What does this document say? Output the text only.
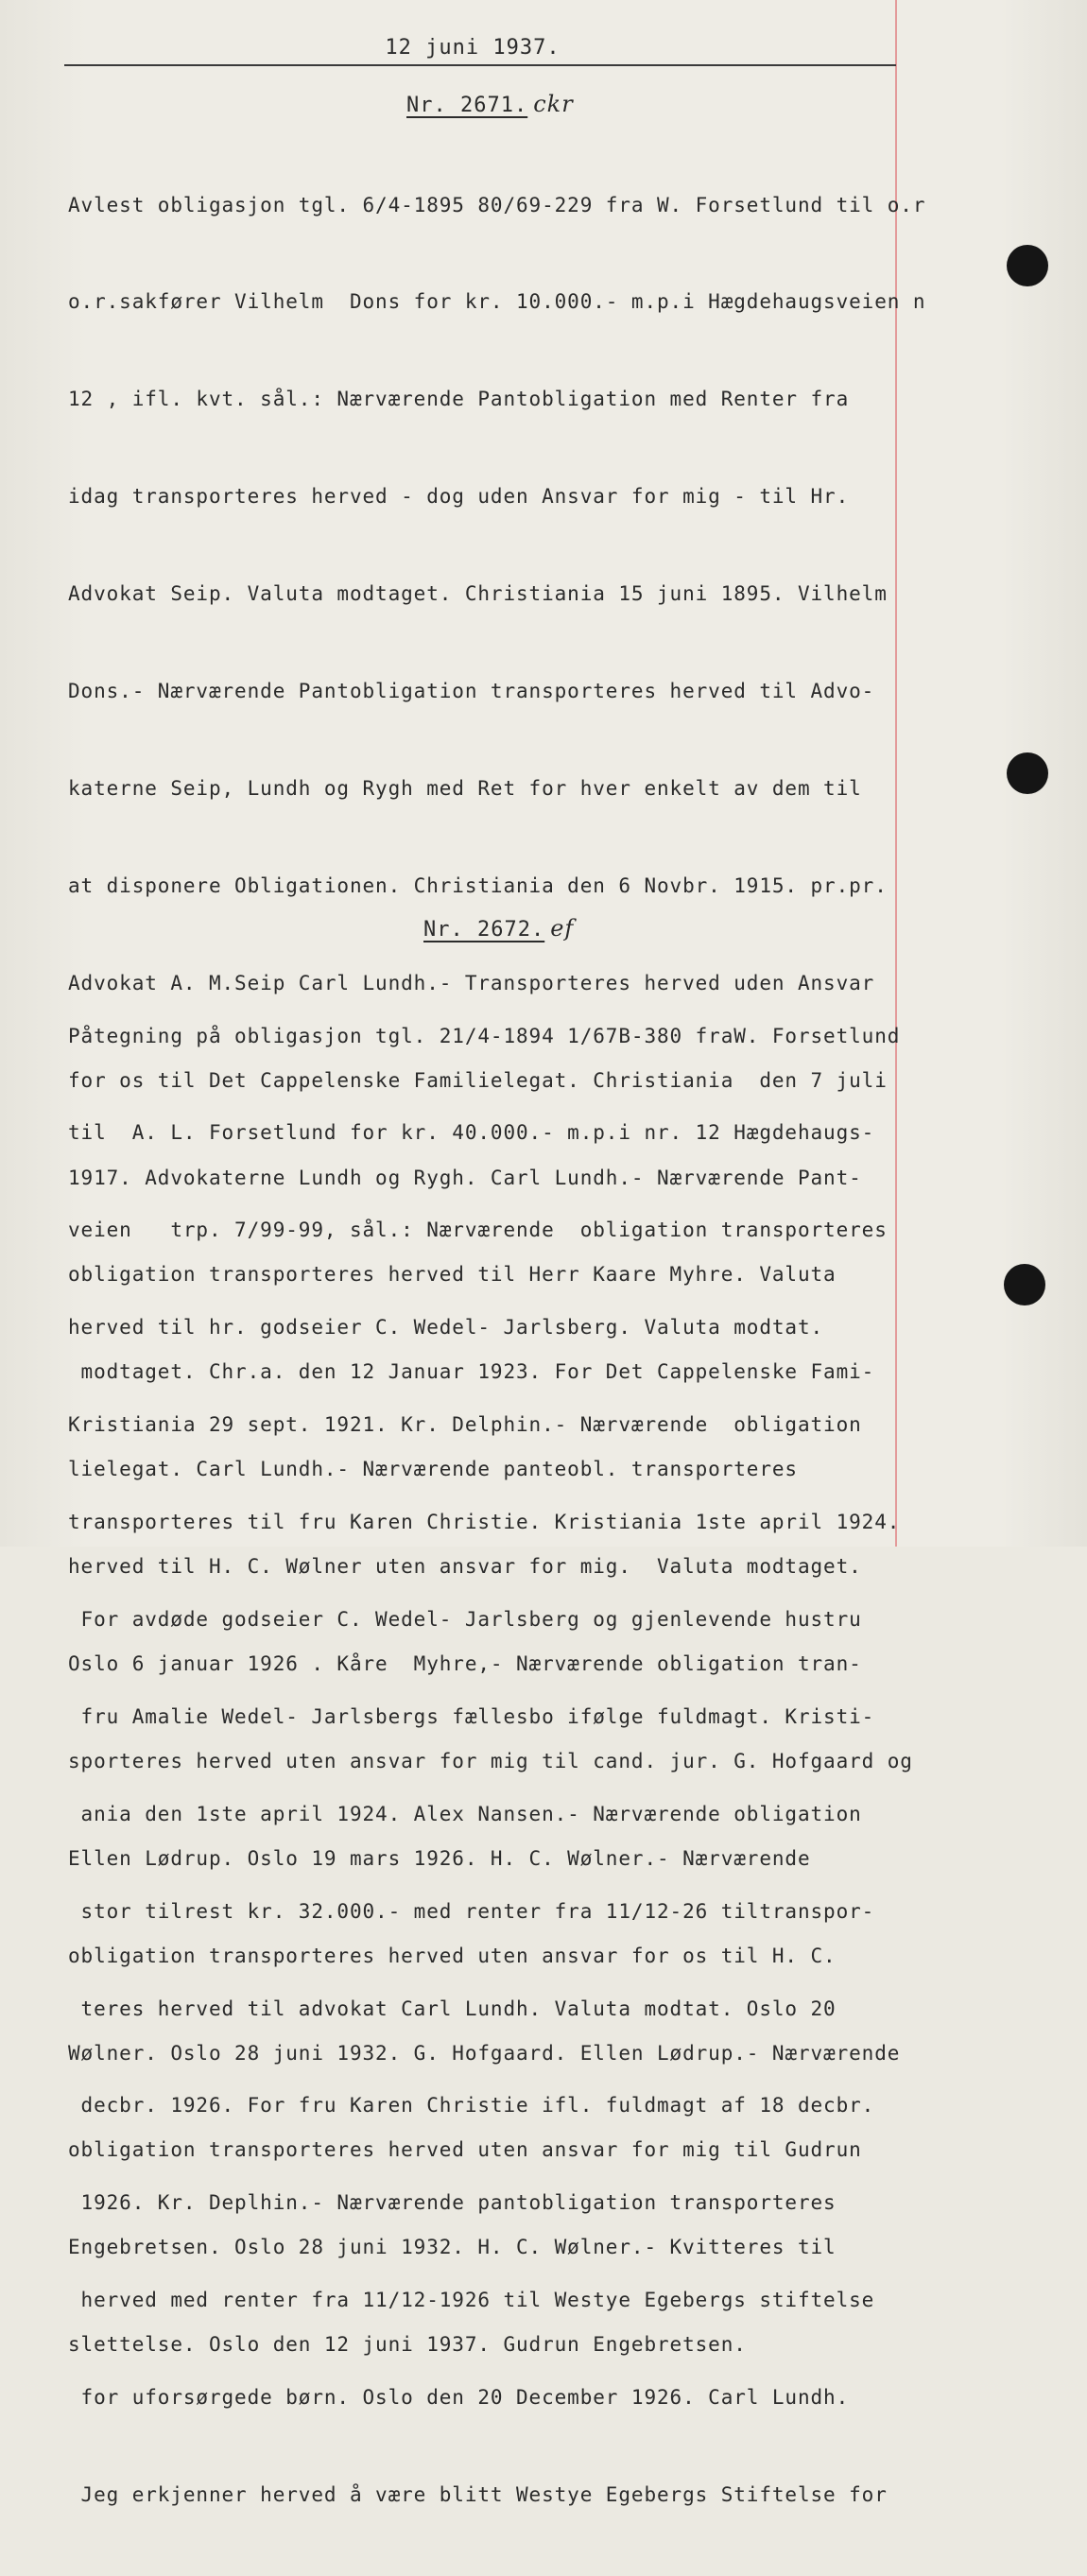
12 juni 1937.
Nr. 2671. ckr

Avlest obligasjon tgl. 6/4-1895 80/69-229 fra W. Forsetlund til o.r

o.r.sakfører Vilhelm  Dons for kr. 10.000.- m.p.i Hægdehaugsveien n

12 , ifl. kvt. sål.: Nærværende Pantobligation med Renter fra

idag transporteres herved - dog uden Ansvar for mig - til Hr.

Advokat Seip. Valuta modtaget. Christiania 15 juni 1895. Vilhelm

Dons.- Nærværende Pantobligation transporteres herved til Advo-

katerne Seip, Lundh og Rygh med Ret for hver enkelt av dem til

at disponere Obligationen. Christiania den 6 Novbr. 1915. pr.pr.

Advokat A. M.Seip Carl Lundh.- Transporteres herved uden Ansvar

for os til Det Cappelenske Familielegat. Christiania  den 7 juli

1917. Advokaterne Lundh og Rygh. Carl Lundh.- Nærværende Pant-

obligation transporteres herved til Herr Kaare Myhre. Valuta

modtaget. Chr.a. den 12 Januar 1923. For Det Cappelenske Fami-

lielegat. Carl Lundh.- Nærværende panteobl. transporteres

herved til H. C. Wølner uten ansvar for mig.  Valuta modtaget.

Oslo 6 januar 1926 . Kåre  Myhre,- Nærværende obligation tran-

sporteres herved uten ansvar for mig til cand. jur. G. Hofgaard og

Ellen Lødrup. Oslo 19 mars 1926. H. C. Wølner.- Nærværende

obligation transporteres herved uten ansvar for os til H. C.

Wølner. Oslo 28 juni 1932. G. Hofgaard. Ellen Lødrup.- Nærværende

obligation transporteres herved uten ansvar for mig til Gudrun

Engebretsen. Oslo 28 juni 1932. H. C. Wølner.- Kvitteres til

slettelse. Oslo den 12 juni 1937. Gudrun Engebretsen.

Nr. 2672. ef

Påtegning på obligasjon tgl. 21/4-1894 1/67B-380 fraW. Forsetlund

til  A. L. Forsetlund for kr. 40.000.- m.p.i nr. 12 Hægdehaugs-

veien   trp. 7/99-99, sål.: Nærværende  obligation transporteres

herved til hr. godseier C. Wedel- Jarlsberg. Valuta modtat.

Kristiania 29 sept. 1921. Kr. Delphin.- Nærværende  obligation

transporteres til fru Karen Christie. Kristiania 1ste april 1924.

For avdøde godseier C. Wedel- Jarlsberg og gjenlevende hustru

fru Amalie Wedel- Jarlsbergs fællesbo ifølge fuldmagt. Kristi-

ania den 1ste april 1924. Alex Nansen.- Nærværende obligation

stor tilrest kr. 32.000.- med renter fra 11/12-26 tiltranspor-

teres herved til advokat Carl Lundh. Valuta modtat. Oslo 20

decbr. 1926. For fru Karen Christie ifl. fuldmagt af 18 decbr.

1926. Kr. Deplhin.- Nærværende pantobligation transporteres

herved med renter fra 11/12-1926 til Westye Egebergs stiftelse

for uforsørgede børn. Oslo den 20 December 1926. Carl Lundh.

Jeg erkjenner herved å være blitt Westye Egebergs Stiftelse for
